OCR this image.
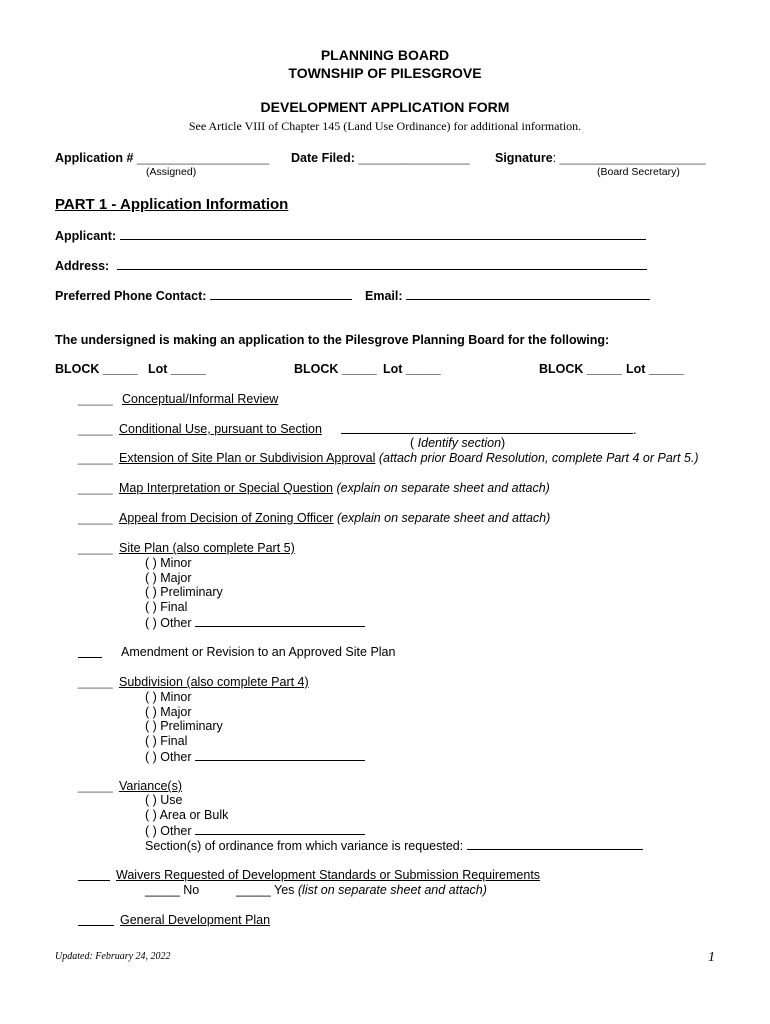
PLANNING BOARD
TOWNSHIP OF PILESGROVE
DEVELOPMENT APPLICATION FORM
See Article VIII of Chapter 145 (Land Use Ordinance) for additional information.
Application # ___________________
(Assigned)
Date Filed: ________________ Signature: _____________________
(Board Secretary)
PART 1 - Application Information
Applicant:
Address:
Preferred Phone Contact:	Email:
The undersigned is making an application to the Pilesgrove Planning Board for the following:
BLOCK _____ Lot _____	BLOCK _____ Lot _____	BLOCK _____ Lot _____
_____ Conceptual/Informal Review
_____ Conditional Use, pursuant to Section	.
( Identify section)
_____ Extension of Site Plan or Subdivision Approval (attach prior Board Resolution, complete Part 4 or Part 5.)
_____ Map Interpretation or Special Question (explain on separate sheet and attach)
_____ Appeal from Decision of Zoning Officer (explain on separate sheet and attach)
_____ Site Plan (also complete Part 5)
( ) Minor
( ) Major
( ) Preliminary
( ) Final
( ) Other
Amendment or Revision to an Approved Site Plan
_____ Subdivision (also complete Part 4)
( ) Minor
( ) Major
( ) Preliminary
( ) Final
( ) Other
_____ Variance(s)
( ) Use
( ) Area or Bulk
( ) Other
Section(s) of ordinance from which variance is requested:
Waivers Requested of Development Standards or Submission Requirements
_____ No	_____ Yes (list on separate sheet and attach)
General Development Plan
Updated: February 24, 2022	1
